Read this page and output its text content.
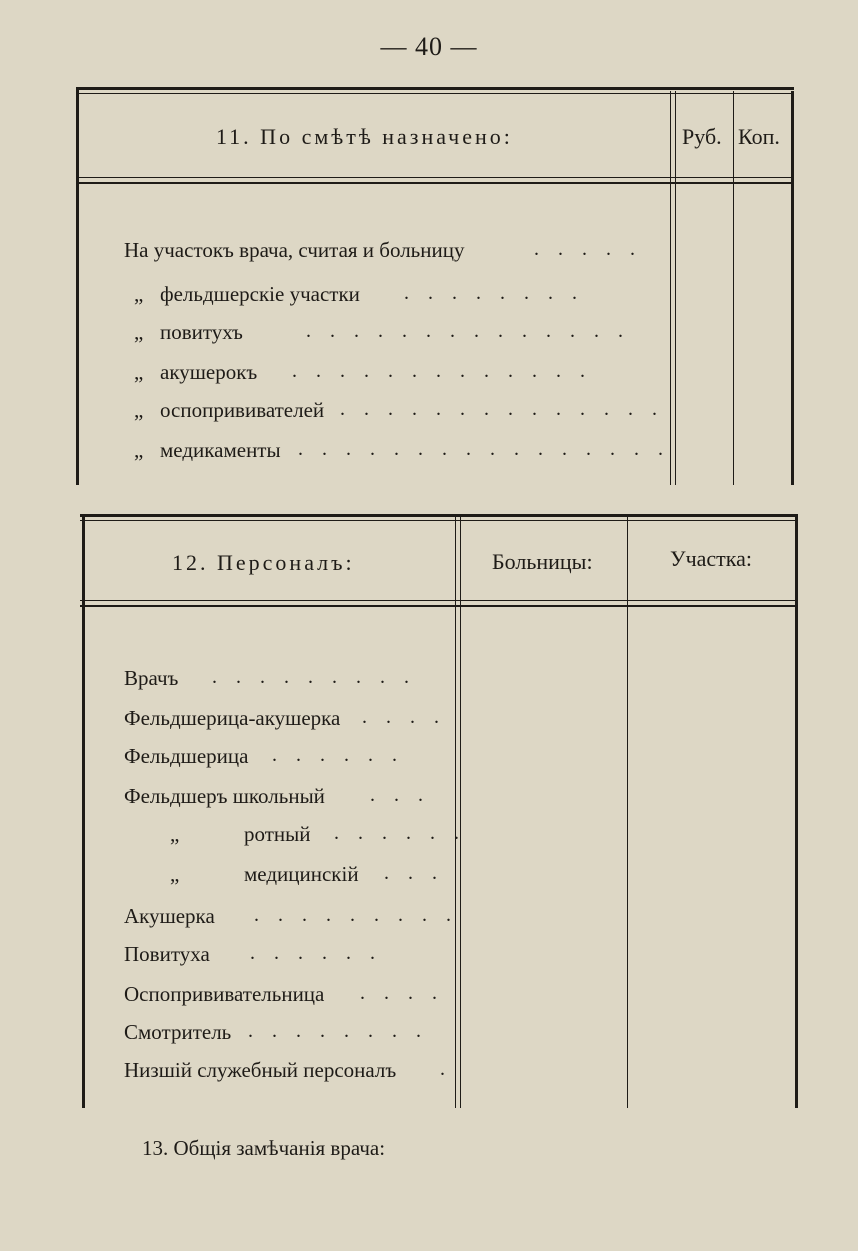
— 40 —
11. По смѣтѣ назначено:	Руб. Коп.
На участокъ врача, считая и больницу	. . . . .
„ фельдшерскіе участки . . . . . . . .
„ повитухъ	. . . . . . . . . . . . . .
„ акушерокъ . . . . . . . . . . . . .
„ оспопрививателей . . . . . . . . . . . . . .
„ медикаменты . . . . . . . . . . . . . . . .
12. Персоналъ:	Больницы:	Участка:
Врачъ . . . . . . . . .
Фельдшерица-акушерка . . . .
Фельдшерица . . . . . .
Фельдшеръ школьный . . .
„	ротный . . . . . .
„	медицинскій . . .
Акушерка . . . . . . . . .
Повитуха . . . . . .
Оспопрививательница . . . .
Смотритель . . . . . . . .
Низшій служебный персоналъ .
13. Общія замѣчанія врача:
